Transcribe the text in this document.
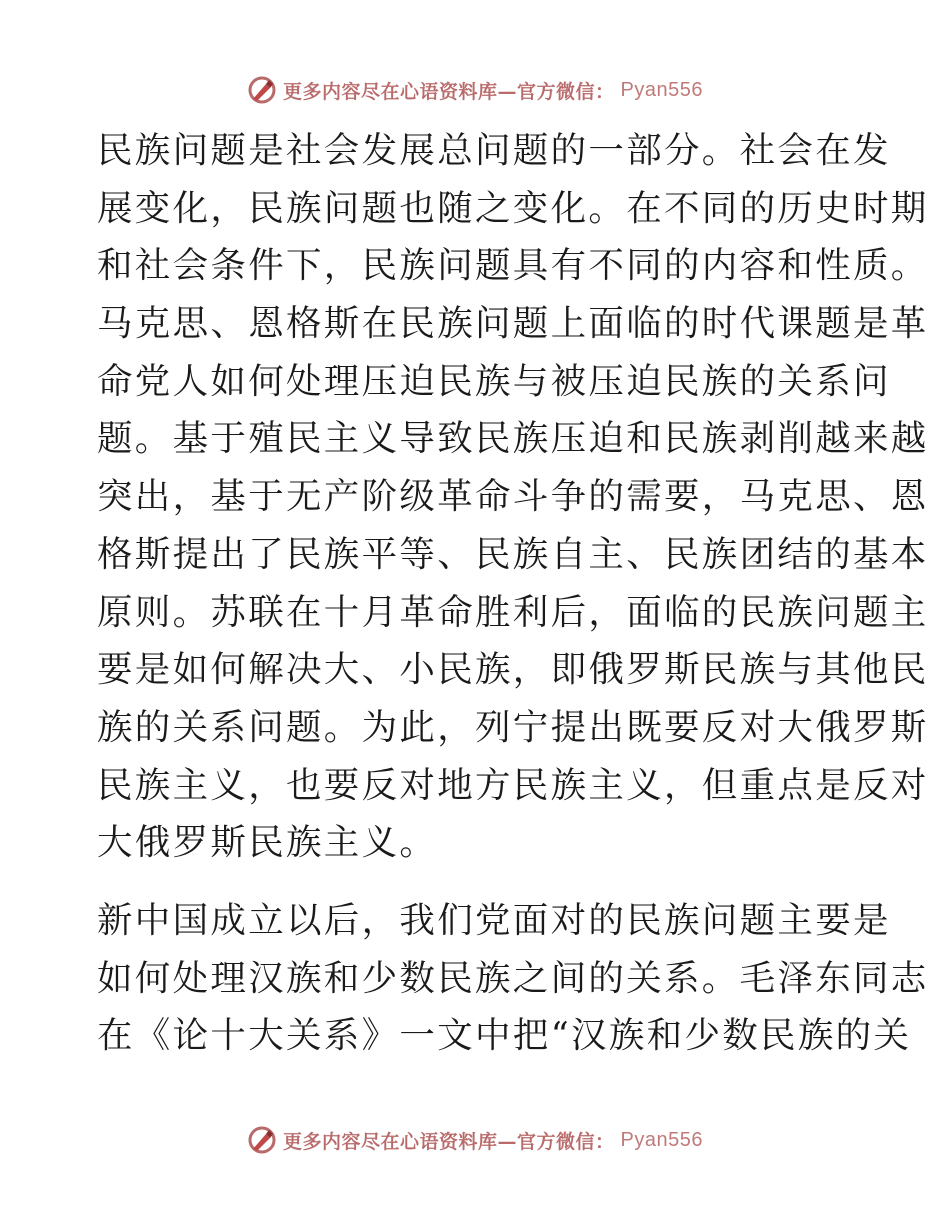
更多内容尽在心语资料库—官方微信： Pyan556

民族问题是社会发展总问题的一部分。社会在发
展变化，民族问题也随之变化。在不同的历史时期
和社会条件下，民族问题具有不同的内容和性质。
马克思、恩格斯在民族问题上面临的时代课题是革
命党人如何处理压迫民族与被压迫民族的关系问
题。基于殖民主义导致民族压迫和民族剥削越来越
突出，基于无产阶级革命斗争的需要，马克思、恩
格斯提出了民族平等、民族自主、民族团结的基本
原则。苏联在十月革命胜利后，面临的民族问题主
要是如何解决大、小民族，即俄罗斯民族与其他民
族的关系问题。为此，列宁提出既要反对大俄罗斯
民族主义，也要反对地方民族主义，但重点是反对
大俄罗斯民族主义。

新中国成立以后，我们党面对的民族问题主要是
如何处理汉族和少数民族之间的关系。毛泽东同志
在《论十大关系》一文中把“汉族和少数民族的关

更多内容尽在心语资料库—官方微信： Pyan556
